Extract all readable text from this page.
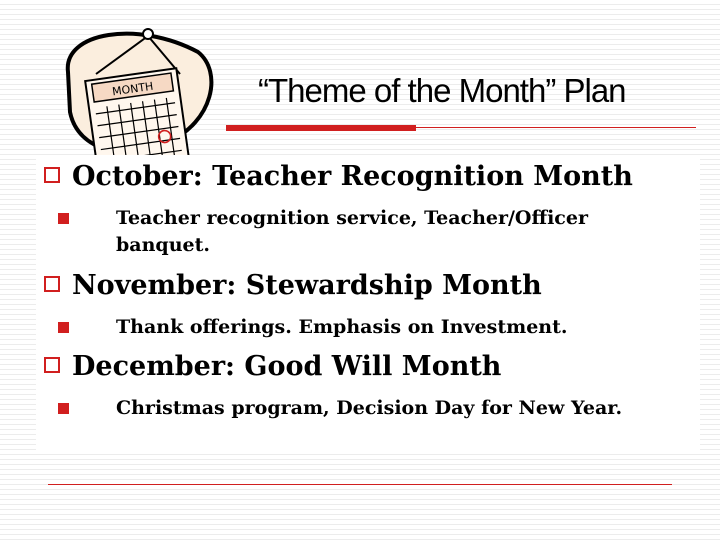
MONTH	“Theme of the Month” Plan

October: Teacher Recognition Month

Teacher recognition service, Teacher/Officer banquet.

November: Stewardship Month

Thank offerings. Emphasis on Investment.

December: Good Will Month

Christmas program, Decision Day for New Year.
